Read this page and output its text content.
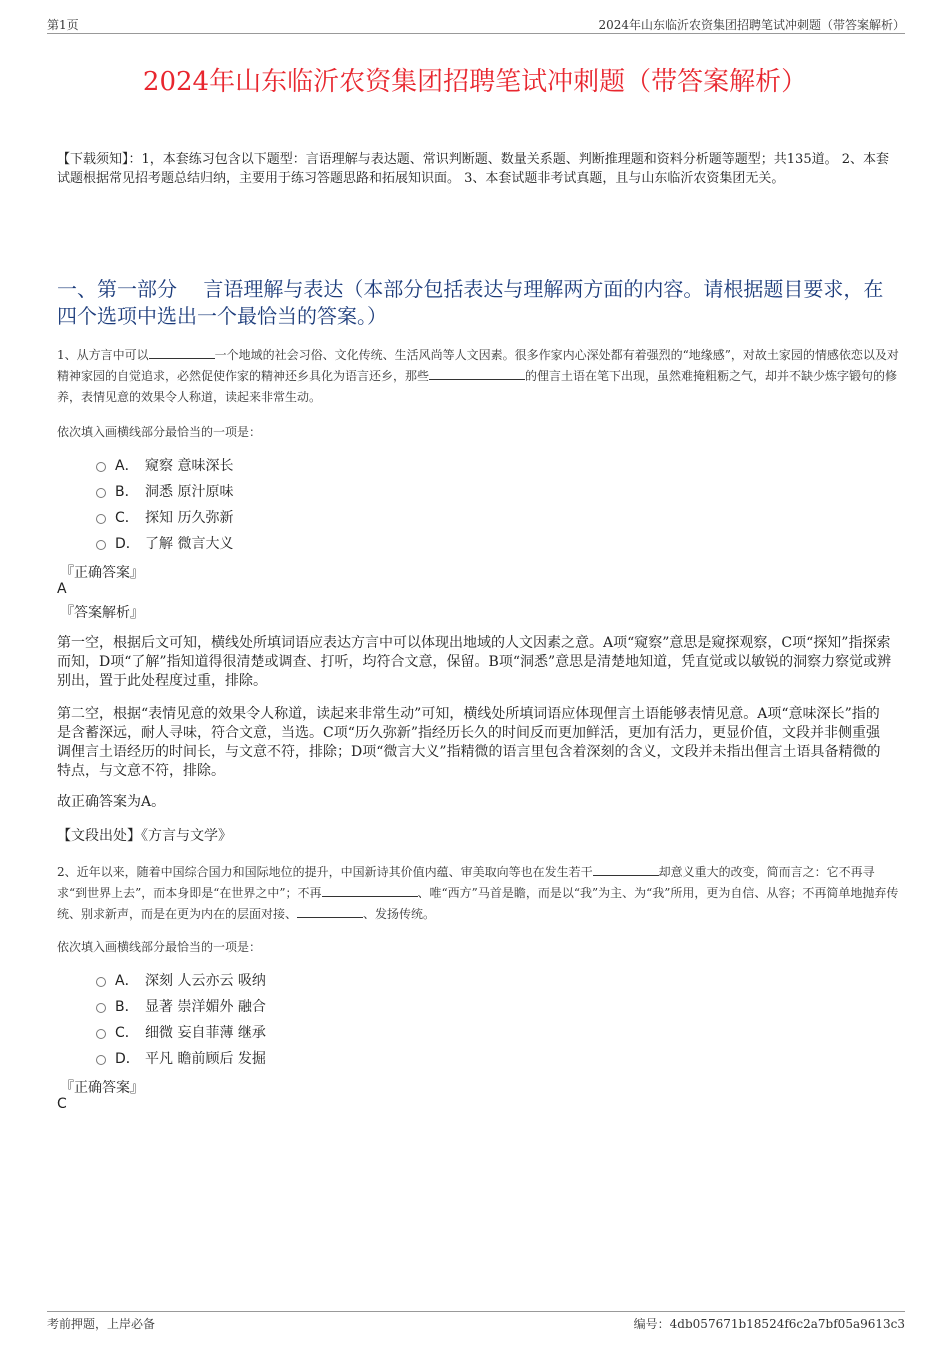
第1页	2024年山东临沂农资集团招聘笔试冲刺题（带答案解析）
2024年山东临沂农资集团招聘笔试冲刺题（带答案解析）

【下载须知】：1，本套练习包含以下题型：言语理解与表达题、常识判断题、数量关系题、判断推理题和资料分析题等题型；共135道。 2、本套试题根据常见招考题总结归纳，主要用于练习答题思路和拓展知识面。 3、本套试题非考试真题，且与山东临沂农资集团无关。

一、第一部分　 言语理解与表达（本部分包括表达与理解两方面的内容。请根据题目要求，在四个选项中选出一个最恰当的答案。）

1、从方言中可以	一个地域的社会习俗、文化传统、生活风尚等人文因素。很多作家内心深处都有着强烈的“地缘感”，对故土家园的情感依恋以及对精神家园的自觉追求，必然促使作家的精神还乡具化为语言还乡，那些	的俚言土语在笔下出现，虽然难掩粗粝之气，却并不缺少炼字锻句的修养，表情见意的效果令人称道，读起来非常生动。

依次填入画横线部分最恰当的一项是：

A． 窥察 意味深长
B． 洞悉 原汁原味
C． 探知 历久弥新
D． 了解 微言大义

『正确答案』

A

『答案解析』

第一空，根据后文可知，横线处所填词语应表达方言中可以体现出地域的人文因素之意。A项“窥察”意思是窥探观察，C项“探知”指探索而知，D项“了解”指知道得很清楚或调查、打听，均符合文意，保留。B项“洞悉”意思是清楚地知道，凭直觉或以敏锐的洞察力察觉或辨别出，置于此处程度过重，排除。

第二空，根据“表情见意的效果令人称道，读起来非常生动”可知，横线处所填词语应体现俚言土语能够表情见意。A项“意味深长”指的是含蓄深远，耐人寻味，符合文意，当选。C项“历久弥新”指经历长久的时间反而更加鲜活，更加有活力，更显价值，文段并非侧重强调俚言土语经历的时间长，与文意不符，排除；D项“微言大义”指精微的语言里包含着深刻的含义，文段并未指出俚言土语具备精微的特点，与文意不符，排除。

故正确答案为A。

【文段出处】《方言与文学》

2、近年以来，随着中国综合国力和国际地位的提升，中国新诗其价值内蕴、审美取向等也在发生若干	却意义重大的改变，简而言之：它不再寻求“到世界上去”，而本身即是“在世界之中”；不再	、唯“西方”马首是瞻，而是以“我”为主、为“我”所用，更为自信、从容；不再简单地抛弃传统、别求新声，而是在更为内在的层面对接、	、发扬传统。

依次填入画横线部分最恰当的一项是：

A． 深刻 人云亦云 吸纳
B． 显著 崇洋媚外 融合
C． 细微 妄自菲薄 继承
D． 平凡 瞻前顾后 发掘

『正确答案』

C

考前押题，上岸必备	编号：4db057671b18524f6c2a7bf05a9613c3
